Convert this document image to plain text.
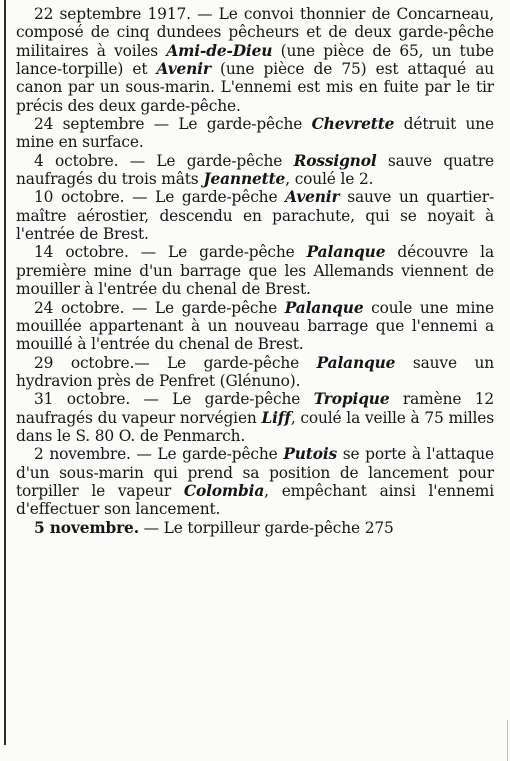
22 septembre 1917. — Le convoi thonnier de Concarneau, composé de cinq dundees pêcheurs et de deux garde-pêche militaires à voiles Ami-de-Dieu (une pièce de 65, un tube lance-torpille) et Avenir (une pièce de 75) est attaqué au canon par un sous-marin. L'ennemi est mis en fuite par le tir précis des deux garde-pêche.

24 septembre — Le garde-pêche Chevrette détruit une mine en surface.

4 octobre. — Le garde-pêche Rossignol sauve quatre naufragés du trois mâts Jeannette, coulé le 2.

10 octobre. — Le garde-pêche Avenir sauve un quartier-maître aérostier, descendu en parachute, qui se noyait à l'entrée de Brest.

14 octobre. — Le garde-pêche Palanque découvre la première mine d'un barrage que les Allemands viennent de mouiller à l'entrée du chenal de Brest.

24 octobre. — Le garde-pêche Palanque coule une mine mouillée appartenant à un nouveau barrage que l'ennemi a mouillé à l'entrée du chenal de Brest.

29 octobre.— Le garde-pêche Palanque sauve un hydravion près de Penfret (Glénuno).

31 octobre. — Le garde-pêche Tropique ramène 12 naufragés du vapeur norvégien Liff, coulé la veille à 75 milles dans le S. 80 O. de Penmarch.

2 novembre. — Le garde-pêche Putois se porte à l'attaque d'un sous-marin qui prend sa position de lancement pour torpiller le vapeur Colombia, empêchant ainsi l'ennemi d'effectuer son lancement.

5 novembre. — Le torpilleur garde-pêche 275
